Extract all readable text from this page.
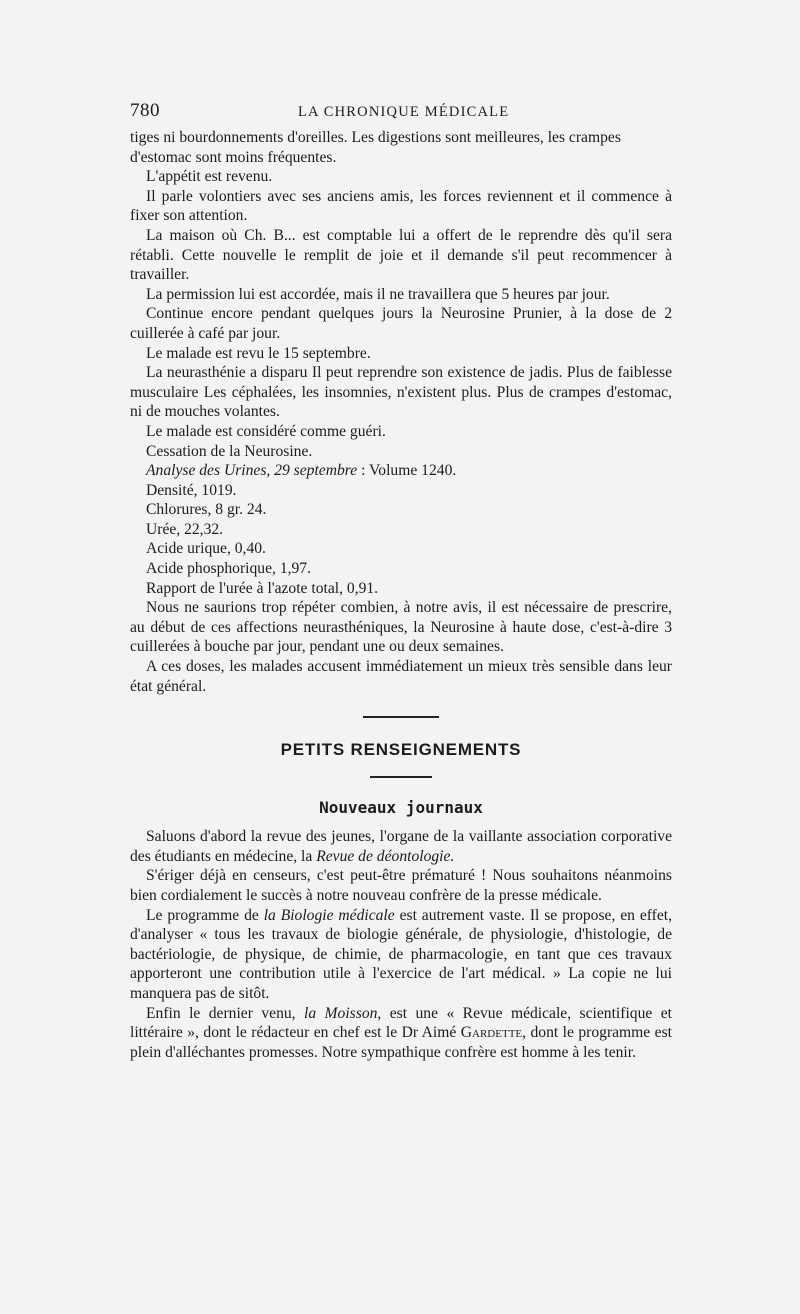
780	LA CHRONIQUE MÉDICALE

tiges ni bourdonnements d'oreilles. Les digestions sont meilleures, les crampes d'estomac sont moins fréquentes.

L'appétit est revenu.

Il parle volontiers avec ses anciens amis, les forces reviennent et il commence à fixer son attention.

La maison où Ch. B... est comptable lui a offert de le reprendre dès qu'il sera rétabli. Cette nouvelle le remplit de joie et il demande s'il peut recommencer à travailler.

La permission lui est accordée, mais il ne travaillera que 5 heures par jour.

Continue encore pendant quelques jours la Neurosine Prunier, à la dose de 2 cuillerée à café par jour.

Le malade est revu le 15 septembre.

La neurasthénie a disparu Il peut reprendre son existence de jadis. Plus de faiblesse musculaire Les céphalées, les insomnies, n'existent plus. Plus de crampes d'estomac, ni de mouches volantes.

Le malade est considéré comme guéri.

Cessation de la Neurosine.

Analyse des Urines, 29 septembre : Volume 1240.

Densité, 1019.

Chlorures, 8 gr. 24.

Urée, 22,32.

Acide urique, 0,40.

Acide phosphorique, 1,97.

Rapport de l'urée à l'azote total, 0,91.

Nous ne saurions trop répéter combien, à notre avis, il est nécessaire de prescrire, au début de ces affections neurasthéniques, la Neurosine à haute dose, c'est-à-dire 3 cuillerées à bouche par jour, pendant une ou deux semaines.

A ces doses, les malades accusent immédiatement un mieux très sensible dans leur état général.

PETITS RENSEIGNEMENTS
Nouveaux journaux

Saluons d'abord la revue des jeunes, l'organe de la vaillante association corporative des étudiants en médecine, la Revue de déontologie.

S'ériger déjà en censeurs, c'est peut-être prématuré ! Nous souhaitons néanmoins bien cordialement le succès à notre nouveau confrère de la presse médicale.

Le programme de la Biologie médicale est autrement vaste. Il se propose, en effet, d'analyser « tous les travaux de biologie générale, de physiologie, d'histologie, de bactériologie, de physique, de chimie, de pharmacologie, en tant que ces travaux apporteront une contribution utile à l'exercice de l'art médical. » La copie ne lui manquera pas de sitôt.

Enfin le dernier venu, la Moisson, est une « Revue médicale, scientifique et littéraire », dont le rédacteur en chef est le Dr Aimé Gardette, dont le programme est plein d'alléchantes promesses. Notre sympathique confrère est homme à les tenir.
